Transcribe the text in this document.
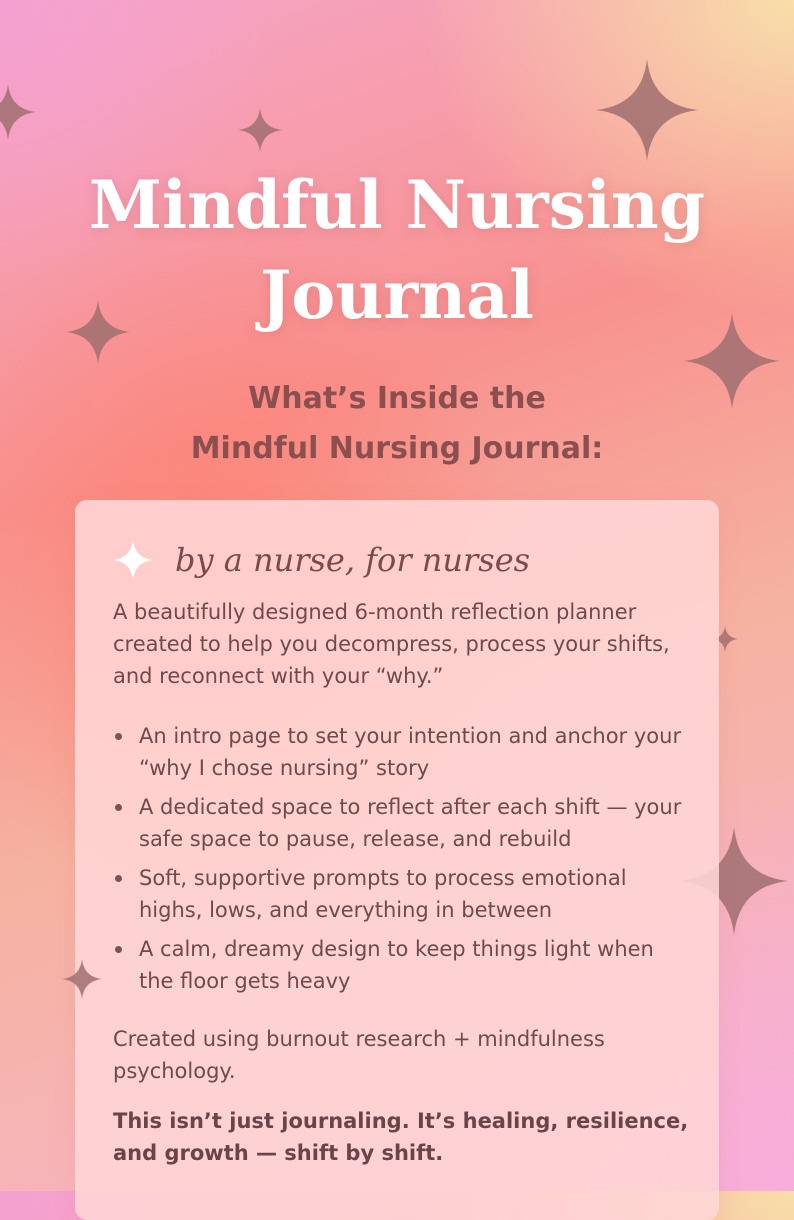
Mindful Nursing
Journal
What’s Inside the
Mindful Nursing Journal:
by a nurse, for nurses

A beautifully designed 6-month reflection planner created to help you decompress, process your shifts, and reconnect with your “why.”

An intro page to set your intention and anchor your “why I chose nursing” story
A dedicated space to reflect after each shift — your safe space to pause, release, and rebuild
Soft, supportive prompts to process emotional highs, lows, and everything in between
A calm, dreamy design to keep things light when the floor gets heavy

Created using burnout research + mindfulness psychology.

This isn’t just journaling. It’s healing, resilience, and growth — shift by shift.
